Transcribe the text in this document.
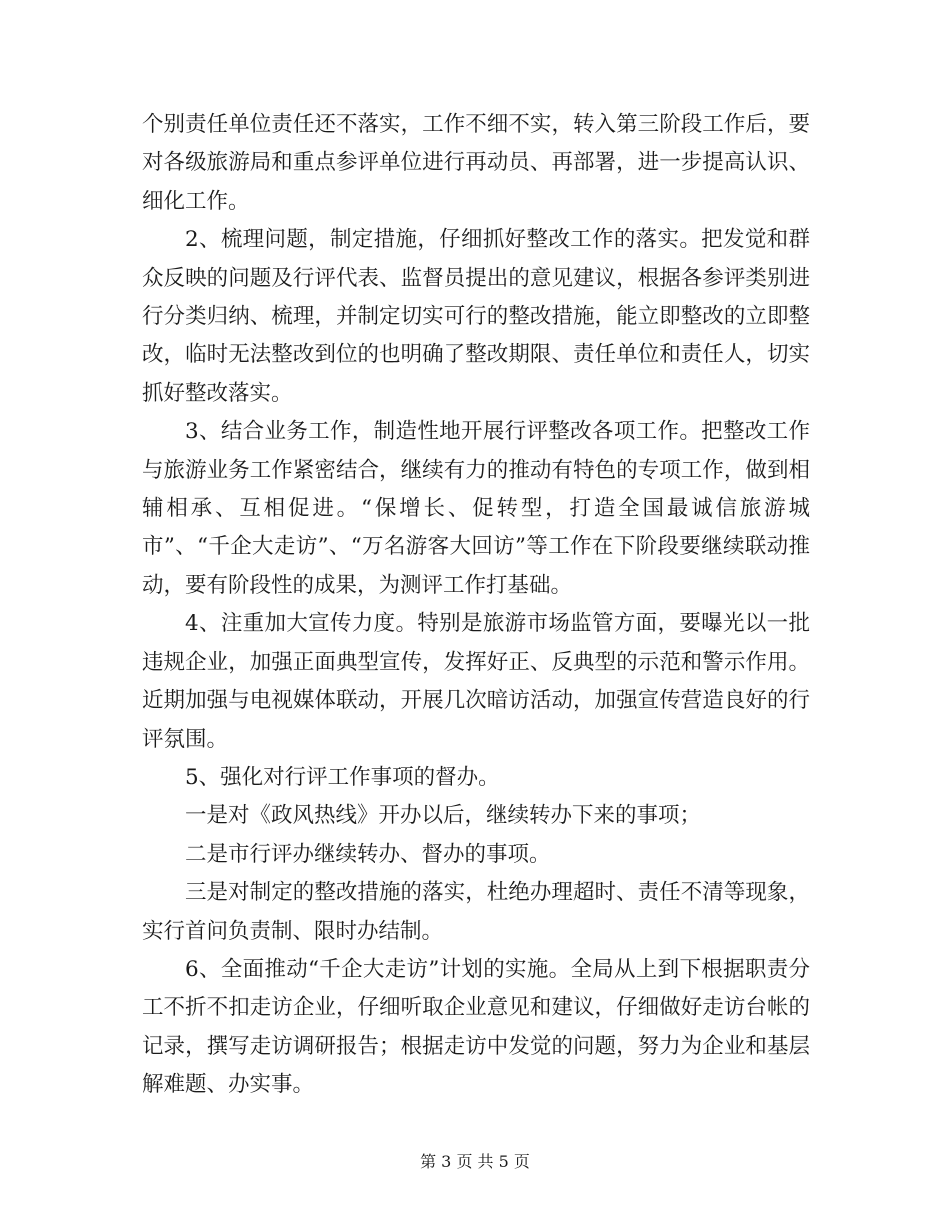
个别责任单位责任还不落实，工作不细不实，转入第三阶段工作后，要对各级旅游局和重点参评单位进行再动员、再部署，进一步提高认识、细化工作。

2、梳理问题，制定措施，仔细抓好整改工作的落实。把发觉和群众反映的问题及行评代表、监督员提出的意见建议，根据各参评类别进行分类归纳、梳理，并制定切实可行的整改措施，能立即整改的立即整改，临时无法整改到位的也明确了整改期限、责任单位和责任人，切实抓好整改落实。

3、结合业务工作，制造性地开展行评整改各项工作。把整改工作与旅游业务工作紧密结合，继续有力的推动有特色的专项工作，做到相辅相承、互相促进。“保增长、促转型，打造全国最诚信旅游城市”、“千企大走访”、“万名游客大回访”等工作在下阶段要继续联动推动，要有阶段性的成果，为测评工作打基础。

4、注重加大宣传力度。特别是旅游市场监管方面，要曝光以一批违规企业，加强正面典型宣传，发挥好正、反典型的示范和警示作用。近期加强与电视媒体联动，开展几次暗访活动，加强宣传营造良好的行评氛围。

5、强化对行评工作事项的督办。

一是对《政风热线》开办以后，继续转办下来的事项；

二是市行评办继续转办、督办的事项。

三是对制定的整改措施的落实，杜绝办理超时、责任不清等现象，实行首问负责制、限时办结制。

6、全面推动“千企大走访”计划的实施。全局从上到下根据职责分工不折不扣走访企业，仔细听取企业意见和建议，仔细做好走访台帐的记录，撰写走访调研报告；根据走访中发觉的问题，努力为企业和基层解难题、办实事。

第 3 页 共 5 页
